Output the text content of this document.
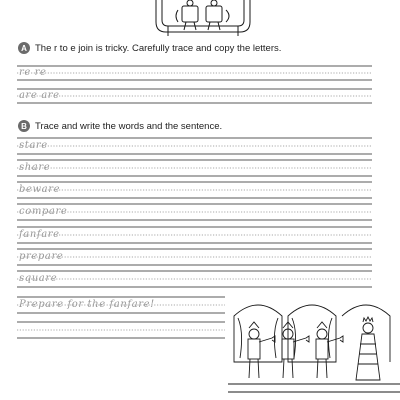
A The r to e join is tricky. Carefully trace and copy the letters.
B Trace and write the words and the sentence.
re re
are are
stare
share
beware
compare
fanfare
prepare
square
Prepare for the fanfare!
